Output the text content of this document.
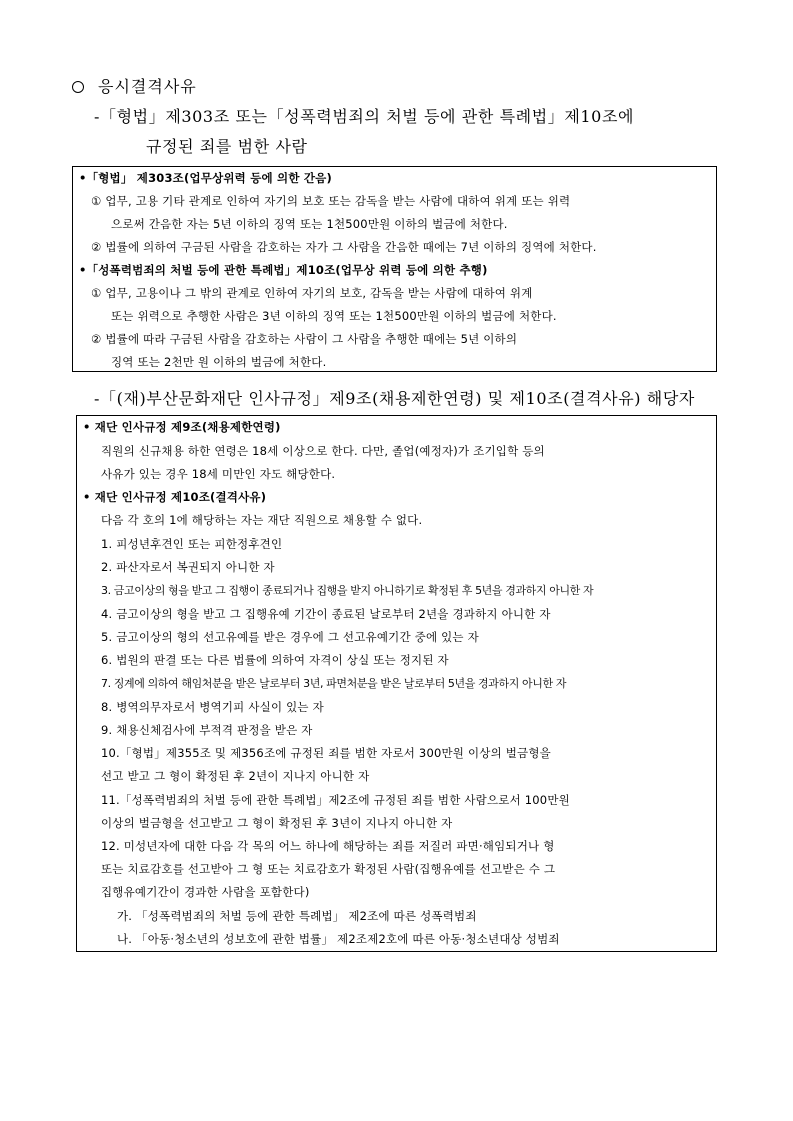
응시결격사유
-「형법」제303조 또는「성폭력범죄의 처벌 등에 관한 특례법」제10조에
규정된 죄를 범한 사람
•「형법」 제303조(업무상위력 등에 의한 간음)
① 업무, 고용 기타 관계로 인하여 자기의 보호 또는 감독을 받는 사람에 대하여 위계 또는 위력
으로써 간음한 자는 5년 이하의 징역 또는 1천500만원 이하의 벌금에 처한다.
② 법률에 의하여 구금된 사람을 감호하는 자가 그 사람을 간음한 때에는 7년 이하의 징역에 처한다.
•「성폭력범죄의 처벌 등에 관한 특례법」제10조(업무상 위력 등에 의한 추행)
① 업무, 고용이나 그 밖의 관계로 인하여 자기의 보호, 감독을 받는 사람에 대하여 위계
또는 위력으로 추행한 사람은 3년 이하의 징역 또는 1천500만원 이하의 벌금에 처한다.
② 법률에 따라 구금된 사람을 감호하는 사람이 그 사람을 추행한 때에는 5년 이하의
징역 또는 2천만 원 이하의 벌금에 처한다.
-「(재)부산문화재단 인사규정」제9조(채용제한연령) 및 제10조(결격사유) 해당자
• 재단 인사규정 제9조(채용제한연령)
직원의 신규채용 하한 연령은 18세 이상으로 한다. 다만, 졸업(예정자)가 조기입학 등의
사유가 있는 경우 18세 미만인 자도 해당한다.
• 재단 인사규정 제10조(결격사유)
다음 각 호의 1에 해당하는 자는 재단 직원으로 채용할 수 없다.
1. 피성년후견인 또는 피한정후견인
2. 파산자로서 복권되지 아니한 자
3. 금고이상의 형을 받고 그 집행이 종료되거나 집행을 받지 아니하기로 확정된 후 5년을 경과하지 아니한 자
4. 금고이상의 형을 받고 그 집행유예 기간이 종료된 날로부터 2년을 경과하지 아니한 자
5. 금고이상의 형의 선고유예를 받은 경우에 그 선고유예기간 중에 있는 자
6. 법원의 판결 또는 다른 법률에 의하여 자격이 상실 또는 정지된 자
7. 징계에 의하여 해임처분을 받은 날로부터 3년, 파면처분을 받은 날로부터 5년을 경과하지 아니한 자
8. 병역의무자로서 병역기피 사실이 있는 자
9. 채용신체검사에 부적격 판정을 받은 자
10.「형법」제355조 및 제356조에 규정된 죄를 범한 자로서 300만원 이상의 벌금형을
선고 받고 그 형이 확정된 후 2년이 지나지 아니한 자
11.「성폭력범죄의 처벌 등에 관한 특례법」제2조에 규정된 죄를 범한 사람으로서 100만원
이상의 벌금형을 선고받고 그 형이 확정된 후 3년이 지나지 아니한 자
12. 미성년자에 대한 다음 각 목의 어느 하나에 해당하는 죄를 저질러 파면·해임되거나 형
또는 치료감호를 선고받아 그 형 또는 치료감호가 확정된 사람(집행유예를 선고받은 수 그
집행유예기간이 경과한 사람을 포함한다)
가. 「성폭력범죄의 처벌 등에 관한 특례법」 제2조에 따른 성폭력범죄
나. 「아동·청소년의 성보호에 관한 법률」 제2조제2호에 따른 아동·청소년대상 성범죄
